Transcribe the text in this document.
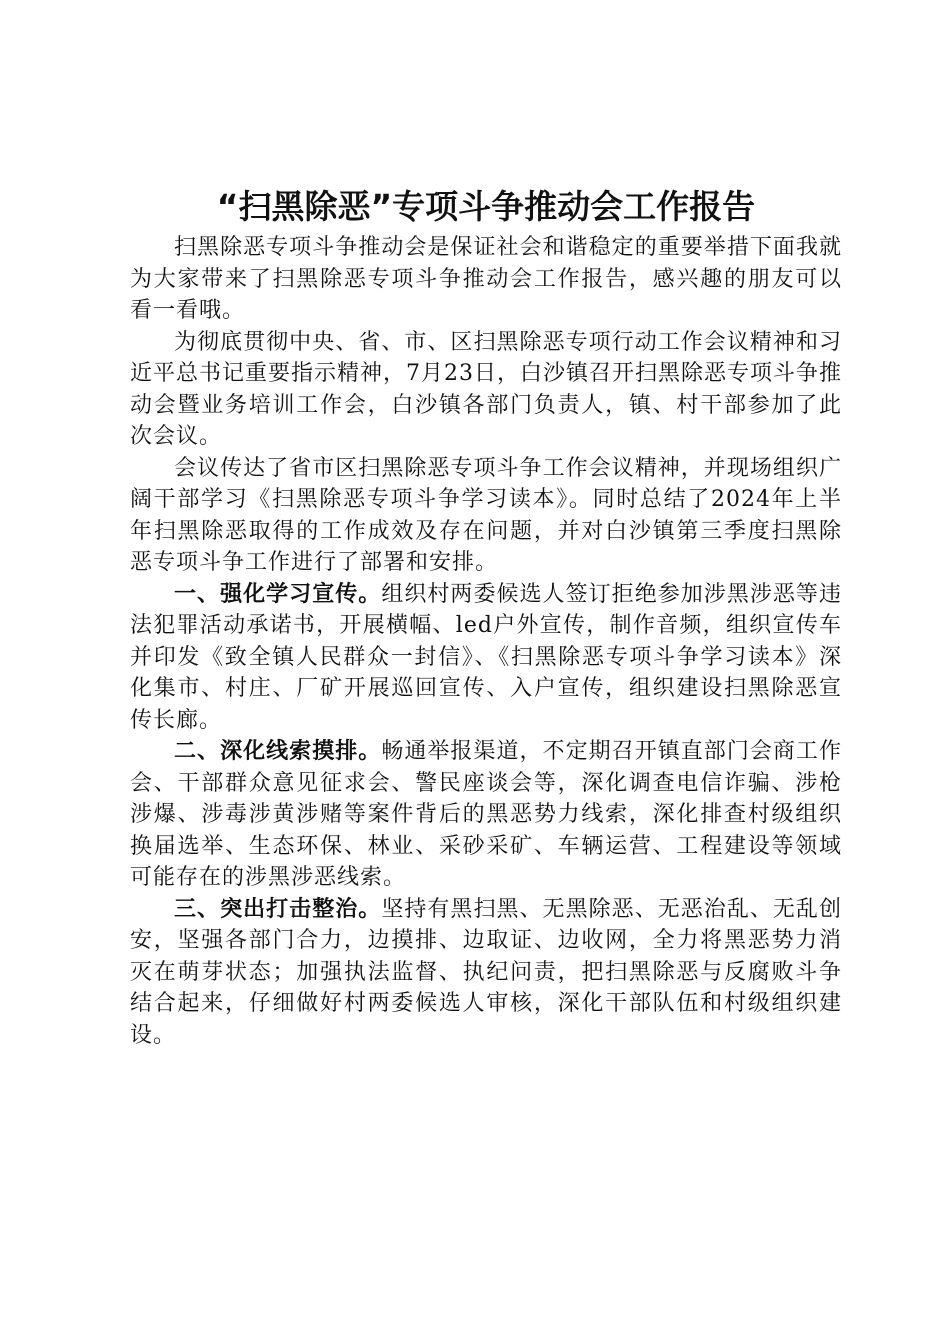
“扫黑除恶”专项斗争推动会工作报告

扫黑除恶专项斗争推动会是保证社会和谐稳定的重要举措下面我就为大家带来了扫黑除恶专项斗争推动会工作报告，感兴趣的朋友可以看一看哦。

为彻底贯彻中央、省、市、区扫黑除恶专项行动工作会议精神和习近平总书记重要指示精神，7月23日，白沙镇召开扫黑除恶专项斗争推动会暨业务培训工作会，白沙镇各部门负责人，镇、村干部参加了此次会议。

会议传达了省市区扫黑除恶专项斗争工作会议精神，并现场组织广阔干部学习《扫黑除恶专项斗争学习读本》。同时总结了2024年上半年扫黑除恶取得的工作成效及存在问题，并对白沙镇第三季度扫黑除恶专项斗争工作进行了部署和安排。

一、强化学习宣传。组织村两委候选人签订拒绝参加涉黑涉恶等违法犯罪活动承诺书，开展横幅、led户外宣传，制作音频，组织宣传车并印发《致全镇人民群众一封信》、《扫黑除恶专项斗争学习读本》深化集市、村庄、厂矿开展巡回宣传、入户宣传，组织建设扫黑除恶宣传长廊。

二、深化线索摸排。畅通举报渠道，不定期召开镇直部门会商工作会、干部群众意见征求会、警民座谈会等，深化调查电信诈骗、涉枪涉爆、涉毒涉黄涉赌等案件背后的黑恶势力线索，深化排查村级组织换届选举、生态环保、林业、采砂采矿、车辆运营、工程建设等领域可能存在的涉黑涉恶线索。

三、突出打击整治。坚持有黑扫黑、无黑除恶、无恶治乱、无乱创安，坚强各部门合力，边摸排、边取证、边收网，全力将黑恶势力消灭在萌芽状态；加强执法监督、执纪问责，把扫黑除恶与反腐败斗争结合起来，仔细做好村两委候选人审核，深化干部队伍和村级组织建设。
